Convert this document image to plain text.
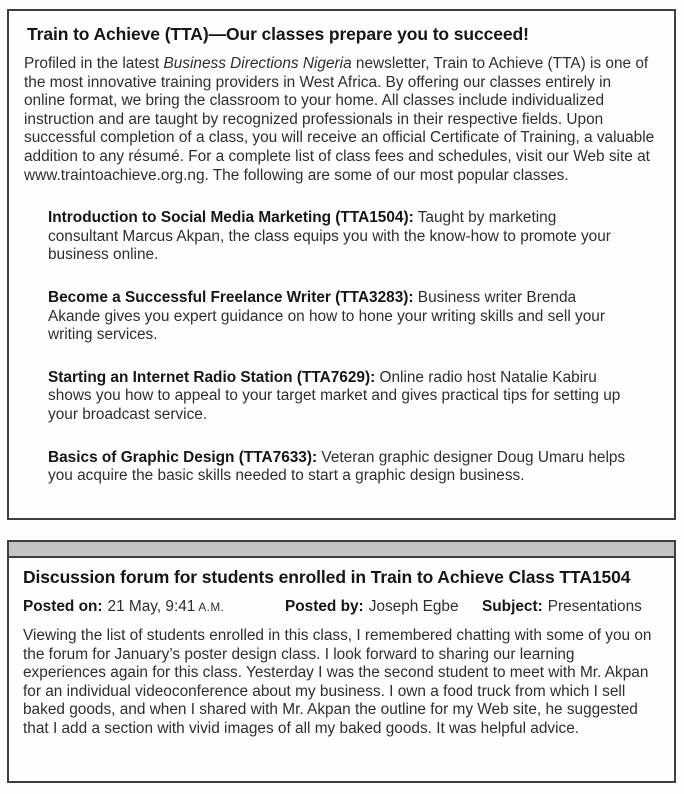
Train to Achieve (TTA)—Our classes prepare you to succeed!

Profiled in the latest Business Directions Nigeria newsletter, Train to Achieve (TTA) is one of the most innovative training providers in West Africa. By offering our classes entirely in online format, we bring the classroom to your home. All classes include individualized instruction and are taught by recognized professionals in their respective fields. Upon successful completion of a class, you will receive an official Certificate of Training, a valuable addition to any résumé. For a complete list of class fees and schedules, visit our Web site at www.traintoachieve.org.ng. The following are some of our most popular classes.

Introduction to Social Media Marketing (TTA1504): Taught by marketing consultant Marcus Akpan, the class equips you with the know-how to promote your business online.

Become a Successful Freelance Writer (TTA3283): Business writer Brenda Akande gives you expert guidance on how to hone your writing skills and sell your writing services.

Starting an Internet Radio Station (TTA7629): Online radio host Natalie Kabiru shows you how to appeal to your target market and gives practical tips for setting up your broadcast service.

Basics of Graphic Design (TTA7633): Veteran graphic designer Doug Umaru helps you acquire the basic skills needed to start a graphic design business.

Discussion forum for students enrolled in Train to Achieve Class TTA1504
Posted on: 21 May, 9:41 A.M.	Posted by: Joseph Egbe	Subject: Presentations

Viewing the list of students enrolled in this class, I remembered chatting with some of you on the forum for January’s poster design class. I look forward to sharing our learning experiences again for this class. Yesterday I was the second student to meet with Mr. Akpan for an individual videoconference about my business. I own a food truck from which I sell baked goods, and when I shared with Mr. Akpan the outline for my Web site, he suggested that I add a section with vivid images of all my baked goods. It was helpful advice.
